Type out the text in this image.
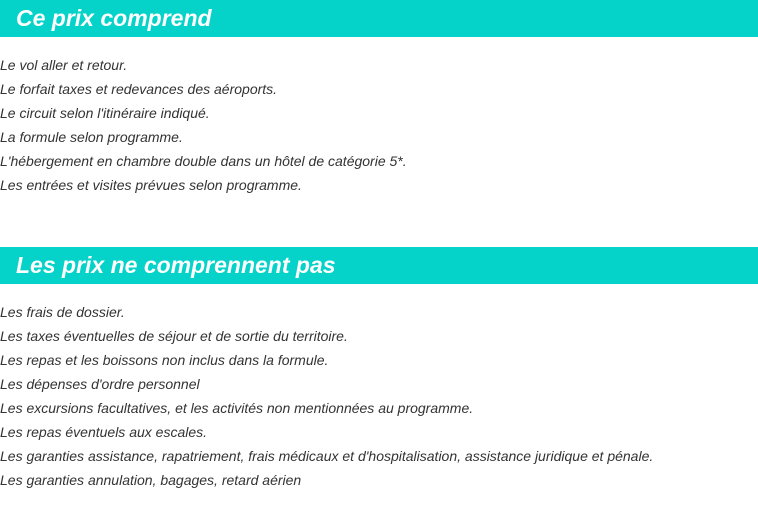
Ce prix comprend
Le vol aller et retour.
Le forfait taxes et redevances des aéroports.
Le circuit selon l'itinéraire indiqué.
La formule selon programme.
L'hébergement en chambre double dans un hôtel de catégorie 5*.
Les entrées et visites prévues selon programme.
Les prix ne comprennent pas
Les frais de dossier.
Les taxes éventuelles de séjour et de sortie du territoire.
Les repas et les boissons non inclus dans la formule.
Les dépenses d'ordre personnel
Les excursions facultatives, et les activités non mentionnées au programme.
Les repas éventuels aux escales.
Les garanties assistance, rapatriement, frais médicaux et d'hospitalisation, assistance juridique et pénale.
Les garanties annulation, bagages, retard aérien
